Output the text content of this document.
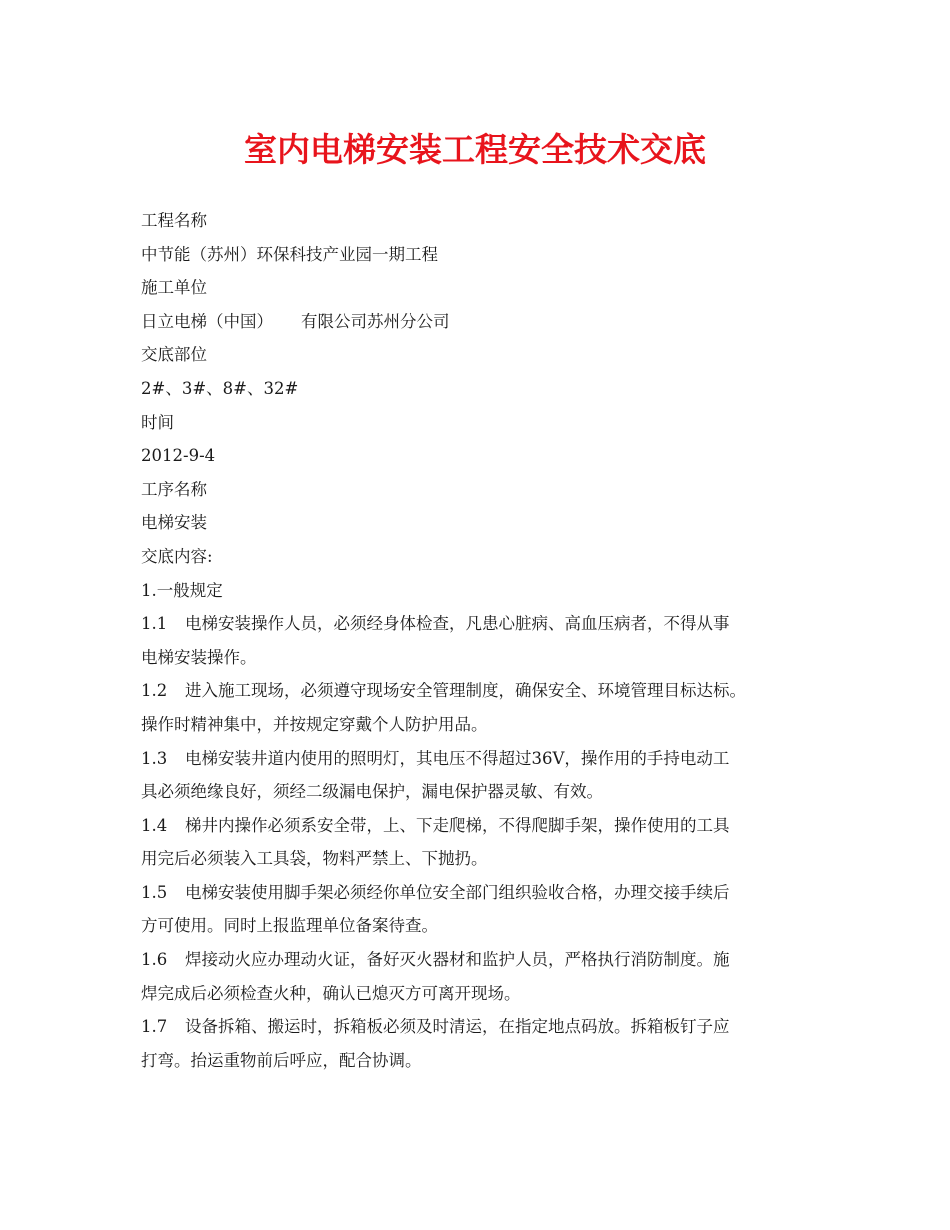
室内电梯安装工程安全技术交底
工程名称
中节能（苏州）环保科技产业园一期工程
施工单位
日立电梯（中国） 有限公司苏州分公司
交底部位
2#、3#、8#、32#
时间
2012-9-4
工序名称
电梯安装
交底内容:
1.一般规定
1.1 电梯安装操作人员，必须经身体检查，凡患心脏病、高血压病者，不得从事
电梯安装操作。
1.2 进入施工现场，必须遵守现场安全管理制度，确保安全、环境管理目标达标。
操作时精神集中，并按规定穿戴个人防护用品。
1.3 电梯安装井道内使用的照明灯，其电压不得超过36V，操作用的手持电动工
具必须绝缘良好，须经二级漏电保护，漏电保护器灵敏、有效。
1.4 梯井内操作必须系安全带，上、下走爬梯，不得爬脚手架，操作使用的工具
用完后必须装入工具袋，物料严禁上、下抛扔。
1.5 电梯安装使用脚手架必须经你单位安全部门组织验收合格，办理交接手续后
方可使用。同时上报监理单位备案待查。
1.6 焊接动火应办理动火证，备好灭火器材和监护人员，严格执行消防制度。施
焊完成后必须检查火种，确认已熄灭方可离开现场。
1.7 设备拆箱、搬运时，拆箱板必须及时清运，在指定地点码放。拆箱板钉子应
打弯。抬运重物前后呼应，配合协调。
